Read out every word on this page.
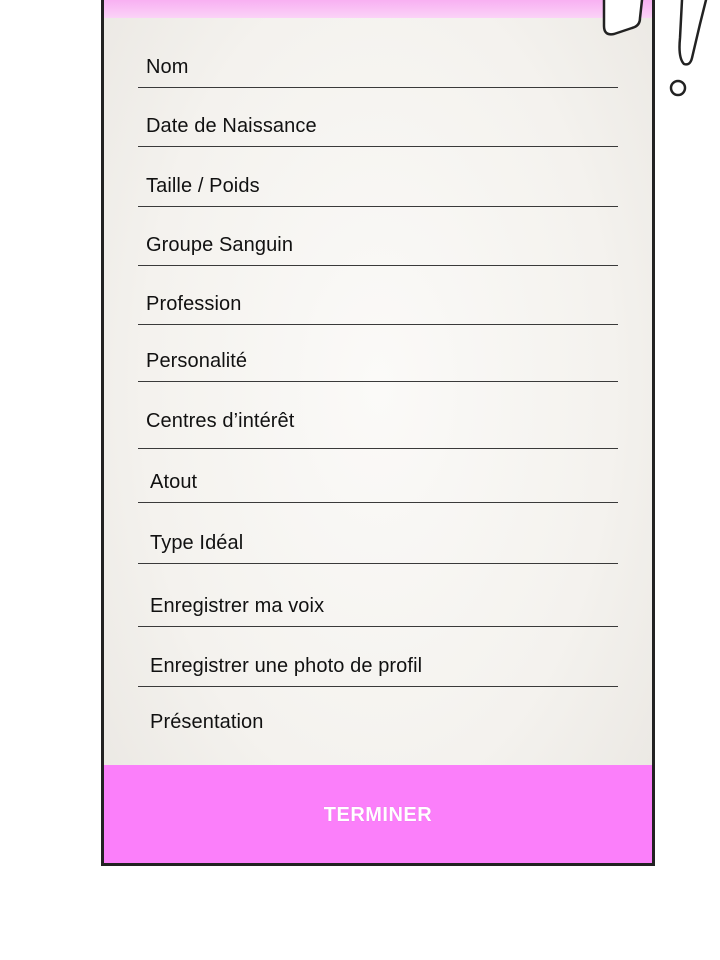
Nom
Date de Naissance
Taille / Poids
Groupe Sanguin
Profession
Personalité
Centres d’intérêt
Atout
Type Idéal
Enregistrer ma voix
Enregistrer une photo de profil
Présentation
TERMINER
